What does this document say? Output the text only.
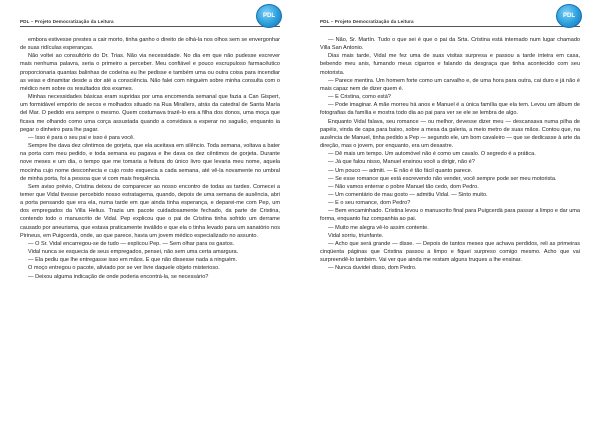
PDL – Projeto Democratização da Leitura
PDL

embora estivesse prestes a cair morto, tinha ganho o direito de olhá-la nos olhos sem se envergonhar de suas ridículas esperanças.

Não voltei ao consultório do Dr. Trias. Não via necessidade. No dia em que não pudesse escrever mais nenhuma palavra, seria o primeiro a perceber. Meu confiável e pouco escrupuloso farmacêutico proporcionaria quantas balinhas de codeína eu lhe pedisse e também uma ou outra coisa para incendiar as veias e dinamitar desde a dor até a consciência. Não falei com ninguém sobre minha consulta com o médico nem sobre os resultados dos exames.

Minhas necessidades básicas eram supridas por uma encomenda semanal que fazia a Can Gispert, um formidável empório de secos e molhados situado na Rua Mirallers, atrás da catedral de Santa María del Mar. O pedido era sempre o mesmo. Quem costumava trazê-lo era a filha dos donos, uma moça que ficava me olhando como uma corça assustada quando a convidava a esperar no saguão, enquanto ia pegar o dinheiro para lhe pagar.

— Isso é para o seu pai e isso é para você.

Sempre lhe dava dez cêntimos de gorjeta, que ela aceitava em silêncio. Toda semana, voltava a bater na porta com meu pedido, e toda semana eu pagava e lhe dava os dez cêntimos de gorjeta. Durante nove meses e um dia, o tempo que me tomaria a feitura do único livro que levaria meu nome, aquela mocinha cujo nome desconhecia e cujo rosto esquecia a cada semana, até vê-la novamente no umbral de minha porta, foi a pessoa que vi com mais frequência.

Sem aviso prévio, Cristina deixou de comparecer ao nosso encontro de todas as tardes. Comecei a temer que Vidal tivesse percebido nosso estratagema, quando, depois de uma semana de ausência, abri a porta pensando que era ela, numa tarde em que ainda tinha esperança, e deparei-me com Pep, um dos empregados da Villa Helius. Trazia um pacote cuidadosamente fechado, da parte de Cristina, contendo todo o manuscrito de Vidal. Pep explicou que o pai de Cristina tinha sofrido um derrame causado por aneurisma, que estava praticamente inválido e que ela o tinha levado para um sanatório nos Pirineus, em Puigcerdà, onde, ao que parece, havia um jovem médico especializado no assunto.

— O Sr. Vidal encarregou-se de tudo — explicou Pep. — Sem olhar para os gastos.

Vidal nunca se esquecia de seus empregados, pensei, não sem uma certa amargura.

— Ela pediu que lhe entregasse isso em mãos. E que não dissesse nada a ninguém.

O moço entregou o pacote, aliviado por se ver livre daquele objeto misterioso.

— Deixou alguma indicação de onde poderia encontrá-la, se necessário?

PDL – Projeto Democratização da Leitura
PDL

— Não, Sr. Martín. Tudo o que sei é que o pai da Srta. Cristina está internado num lugar chamado Villa San Antonio.

Dias mais tarde, Vidal me fez uma de suas visitas surpresa e passou a tarde inteira em casa, bebendo meu anis, fumando meus cigarros e falando da desgraça que tinha acontecido com seu motorista.

— Parece mentira. Um homem forte como um carvalho e, de uma hora para outra, cai duro e já não é mais capaz nem de dizer quem é.

— E Cristina, como está?

— Pode imaginar. A mãe morreu há anos e Manuel é a única família que ela tem. Levou um álbum de fotografias da família e mostra todo dia ao pai para ver se ele se lembra de algo.

Enquanto Vidal falava, seu romance — ou melhor, devesse dizer meu — descansava numa pilha de papéis, vinda de capa para baixo, sobre a mesa da galeria, a meio metro de suas mãos. Contou que, na ausência de Manuel, tinha pedido a Pep — segundo ele, um bom cavaleiro — que se dedicasse à arte da direção, mas o jovem, por enquanto, era um desastre.

— Dê mais um tempo. Um automóvel não é como um cavalo. O segredo é a prática.

— Já que falou nisso, Manuel ensinou você a dirigir, não é?

— Um pouco — admiti. — E não é tão fácil quanto parece.

— Se esse romance que está escrevendo não vender, você sempre pode ser meu motorista.

— Não vamos enterrar o pobre Manuel tão cedo, dom Pedro.

— Um comentário de mau gosto — admitiu Vidal. — Sinto muito.

— E o seu romance, dom Pedro?

— Bem encaminhado. Cristina levou o manuscrito final para Puigcerdà para passar a limpo e dar uma forma, enquanto faz companhia ao pai.

— Muito me alegra vê-lo assim contente.

Vidal sorriu, triunfante.

— Acho que será grande — disse. — Depois de tantos meses que achava perdidos, reli as primeiras cinqüenta páginas que Cristina passou a limpo e fiquei surpreso comigo mesmo. Acho que vai surpreendê-lo também. Vai ver que ainda me restam alguns truques a lhe ensinar.

— Nunca duvidei disso, dom Pedro.
